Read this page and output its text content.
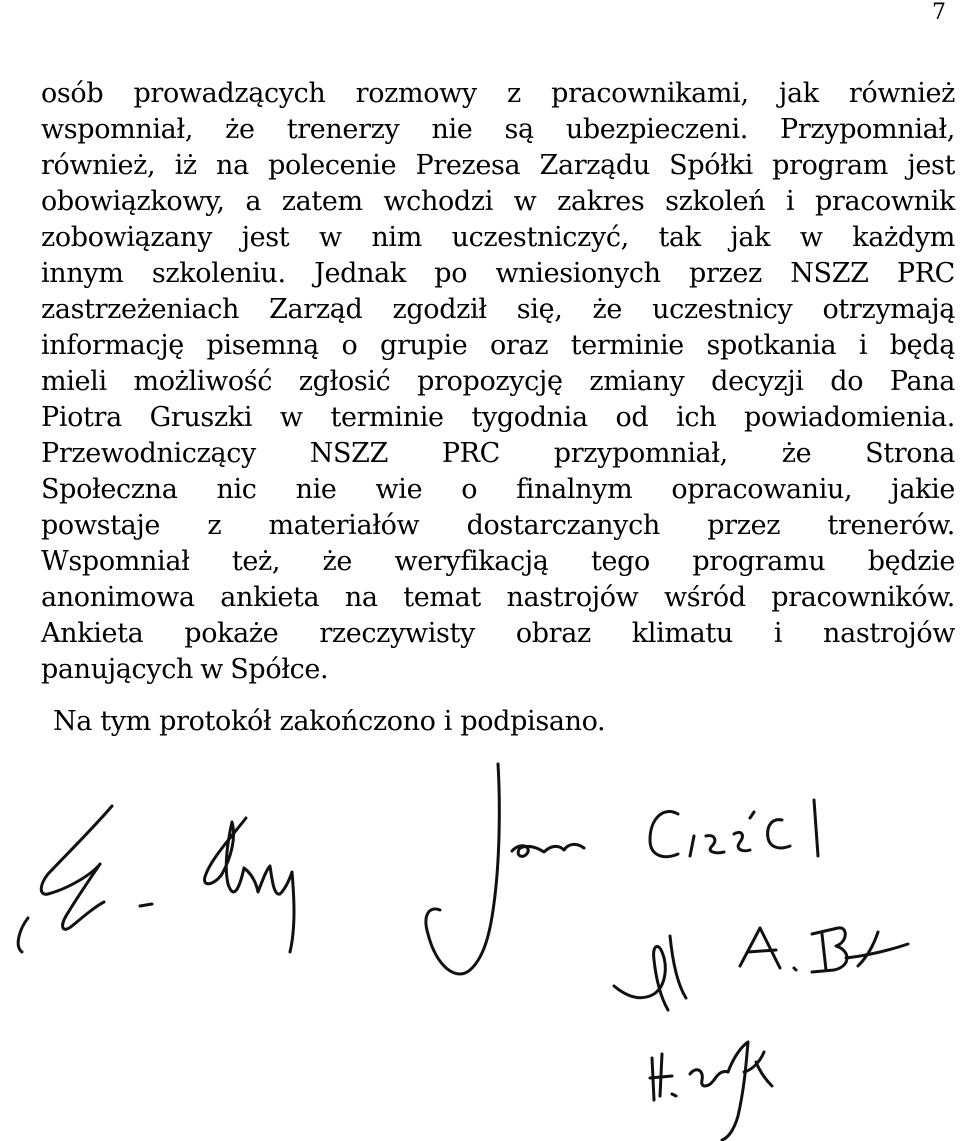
7
osób prowadzących rozmowy z pracownikami, jak również
wspomniał, że trenerzy nie są ubezpieczeni. Przypomniał,
również, iż na polecenie Prezesa Zarządu Spółki program jest
obowiązkowy, a zatem wchodzi w zakres szkoleń i pracownik
zobowiązany jest w nim uczestniczyć, tak jak w każdym
innym szkoleniu. Jednak po wniesionych przez NSZZ PRC
zastrzeżeniach Zarząd zgodził się, że uczestnicy otrzymają
informację pisemną o grupie oraz terminie spotkania i będą
mieli możliwość zgłosić propozycję zmiany decyzji do Pana
Piotra Gruszki w terminie tygodnia od ich powiadomienia.
Przewodniczący NSZZ PRC przypomniał, że Strona
Społeczna nic nie wie o finalnym opracowaniu, jakie
powstaje z materiałów dostarczanych przez trenerów.
Wspomniał też, że weryfikacją tego programu będzie
anonimowa ankieta na temat nastrojów wśród pracowników.
Ankieta pokaże rzeczywisty obraz klimatu i nastrojów
panujących w Spółce.
Na tym protokół zakończono i podpisano.
